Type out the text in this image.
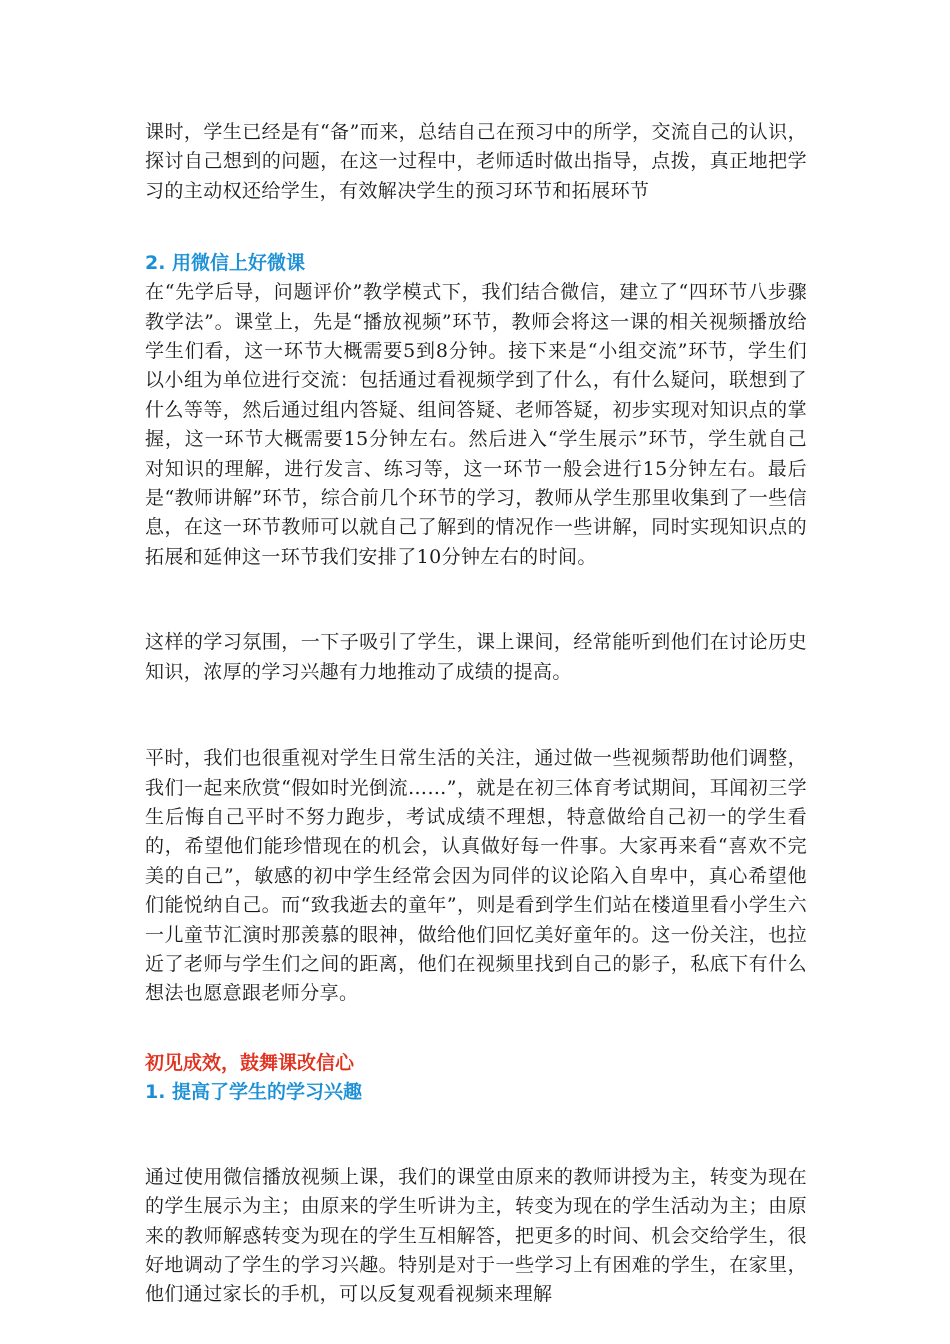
课时，学生已经是有“备”而来，总结自己在预习中的所学，交流自己的认识，探讨自己想到的问题，在这一过程中，老师适时做出指导，点拨，真正地把学习的主动权还给学生，有效解决学生的预习环节和拓展环节

2. 用微信上好微课

在“先学后导，问题评价”教学模式下，我们结合微信，建立了“四环节八步骤教学法”。课堂上，先是“播放视频”环节，教师会将这一课的相关视频播放给学生们看，这一环节大概需要5到8分钟。接下来是“小组交流”环节，学生们以小组为单位进行交流：包括通过看视频学到了什么，有什么疑问，联想到了什么等等，然后通过组内答疑、组间答疑、老师答疑，初步实现对知识点的掌握，这一环节大概需要15分钟左右。然后进入“学生展示”环节，学生就自己对知识的理解，进行发言、练习等，这一环节一般会进行15分钟左右。最后是“教师讲解”环节，综合前几个环节的学习，教师从学生那里收集到了一些信息，在这一环节教师可以就自己了解到的情况作一些讲解，同时实现知识点的拓展和延伸这一环节我们安排了10分钟左右的时间。

这样的学习氛围，一下子吸引了学生，课上课间，经常能听到他们在讨论历史知识，浓厚的学习兴趣有力地推动了成绩的提高。

平时，我们也很重视对学生日常生活的关注，通过做一些视频帮助他们调整，我们一起来欣赏“假如时光倒流……”，就是在初三体育考试期间，耳闻初三学生后悔自己平时不努力跑步，考试成绩不理想，特意做给自己初一的学生看的，希望他们能珍惜现在的机会，认真做好每一件事。大家再来看“喜欢不完美的自己”，敏感的初中学生经常会因为同伴的议论陷入自卑中，真心希望他们能悦纳自己。而“致我逝去的童年”，则是看到学生们站在楼道里看小学生六一儿童节汇演时那羡慕的眼神，做给他们回忆美好童年的。这一份关注，也拉近了老师与学生们之间的距离，他们在视频里找到自己的影子，私底下有什么想法也愿意跟老师分享。

初见成效，鼓舞课改信心
1. 提高了学生的学习兴趣

通过使用微信播放视频上课，我们的课堂由原来的教师讲授为主，转变为现在的学生展示为主；由原来的学生听讲为主，转变为现在的学生活动为主；由原来的教师解惑转变为现在的学生互相解答，把更多的时间、机会交给学生，很好地调动了学生的学习兴趣。特别是对于一些学习上有困难的学生，在家里，他们通过家长的手机，可以反复观看视频来理解
